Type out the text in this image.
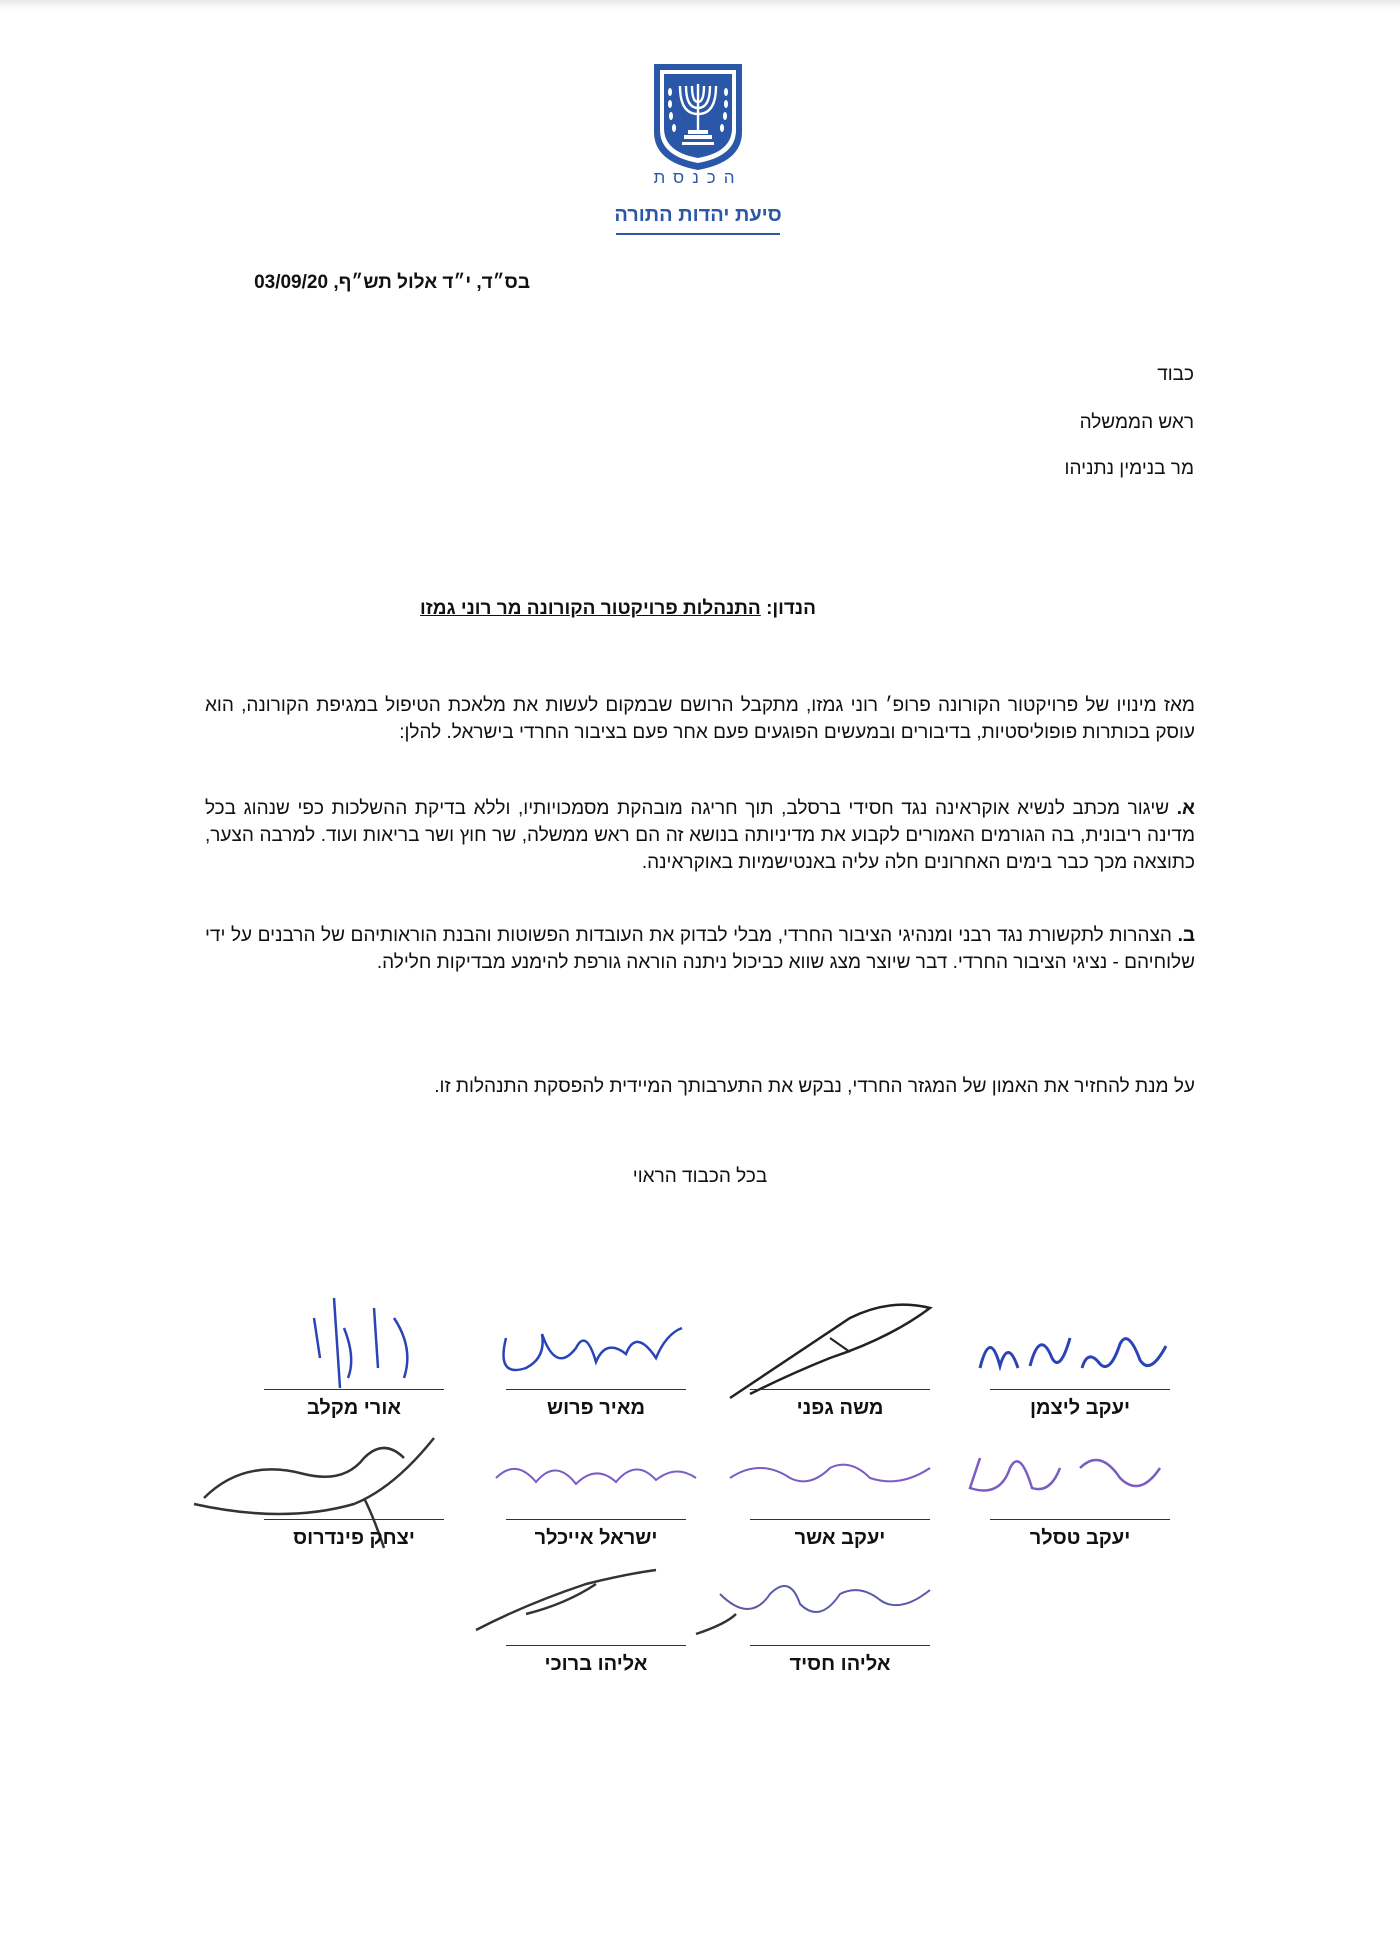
הכנסת
סיעת יהדות התורה
בס״ד, י״ד אלול תש״ף, 03/09/20
כבוד
ראש הממשלה
מר בנימין נתניהו
הנדון: התנהלות פרויקטור הקורונה מר רוני גמזו
מאז מינויו של פרויקטור הקורונה פרופ׳ רוני גמזו, מתקבל הרושם שבמקום לעשות את מלאכת הטיפול במגיפת הקורונה, הוא עוסק בכותרות פופוליסטיות, בדיבורים ובמעשים הפוגעים פעם אחר פעם בציבור החרדי בישראל. להלן:
א. שיגור מכתב לנשיא אוקראינה נגד חסידי ברסלב, תוך חריגה מובהקת מסמכויותיו, וללא בדיקת ההשלכות כפי שנהוג בכל מדינה ריבונית, בה הגורמים האמורים לקבוע את מדיניותה בנושא זה הם ראש ממשלה, שר חוץ ושר בריאות ועוד. למרבה הצער, כתוצאה מכך כבר בימים האחרונים חלה עליה באנטישמיות באוקראינה.
ב. הצהרות לתקשורת נגד רבני ומנהיגי הציבור החרדי, מבלי לבדוק את העובדות הפשוטות והבנת הוראותיהם של הרבנים על ידי שלוחיהם - נציגי הציבור החרדי. דבר שיוצר מצג שווא כביכול ניתנה הוראה גורפת להימנע מבדיקות חלילה.
על מנת להחזיר את האמון של המגזר החרדי, נבקש את התערבותך המיידית להפסקת התנהלות זו.
בכל הכבוד הראוי
יעקב ליצמן
משה גפני
מאיר פרוש
אורי מקלב
יעקב טסלר
יעקב אשר
ישראל אייכלר
יצחק פינדרוס
אליהו חסיד
אליהו ברוכי
